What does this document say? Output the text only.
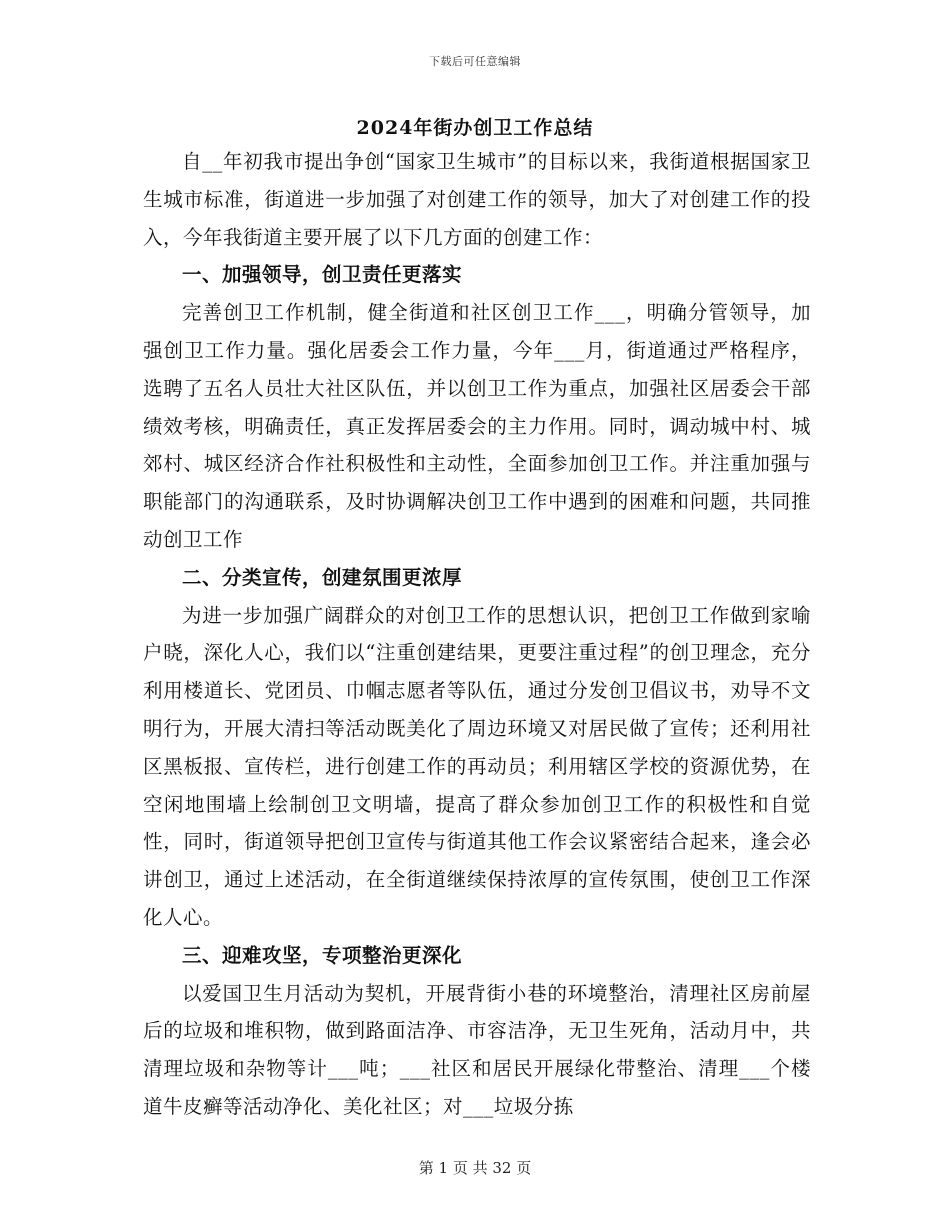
下载后可任意编辑
2024年街办创卫工作总结

自__年初我市提出争创“国家卫生城市”的目标以来，我街道根据国家卫生城市标准，街道进一步加强了对创建工作的领导，加大了对创建工作的投入，今年我街道主要开展了以下几方面的创建工作：

一、加强领导，创卫责任更落实

完善创卫工作机制，健全街道和社区创卫工作___，明确分管领导，加强创卫工作力量。强化居委会工作力量，今年___月，街道通过严格程序，选聘了五名人员壮大社区队伍，并以创卫工作为重点，加强社区居委会干部绩效考核，明确责任，真正发挥居委会的主力作用。同时，调动城中村、城郊村、城区经济合作社积极性和主动性，全面参加创卫工作。并注重加强与职能部门的沟通联系，及时协调解决创卫工作中遇到的困难和问题，共同推动创卫工作

二、分类宣传，创建氛围更浓厚

为进一步加强广阔群众的对创卫工作的思想认识，把创卫工作做到家喻户晓，深化人心，我们以“注重创建结果，更要注重过程”的创卫理念，充分利用楼道长、党团员、巾帼志愿者等队伍，通过分发创卫倡议书，劝导不文明行为，开展大清扫等活动既美化了周边环境又对居民做了宣传；还利用社区黑板报、宣传栏，进行创建工作的再动员；利用辖区学校的资源优势，在空闲地围墙上绘制创卫文明墙，提高了群众参加创卫工作的积极性和自觉性，同时，街道领导把创卫宣传与街道其他工作会议紧密结合起来，逢会必讲创卫，通过上述活动，在全街道继续保持浓厚的宣传氛围，使创卫工作深化人心。

三、迎难攻坚，专项整治更深化

以爱国卫生月活动为契机，开展背街小巷的环境整治，清理社区房前屋后的垃圾和堆积物，做到路面洁净、市容洁净，无卫生死角，活动月中，共清理垃圾和杂物等计___吨；___社区和居民开展绿化带整治、清理___个楼道牛皮癣等活动净化、美化社区；对___垃圾分拣

第 1 页 共 32 页
